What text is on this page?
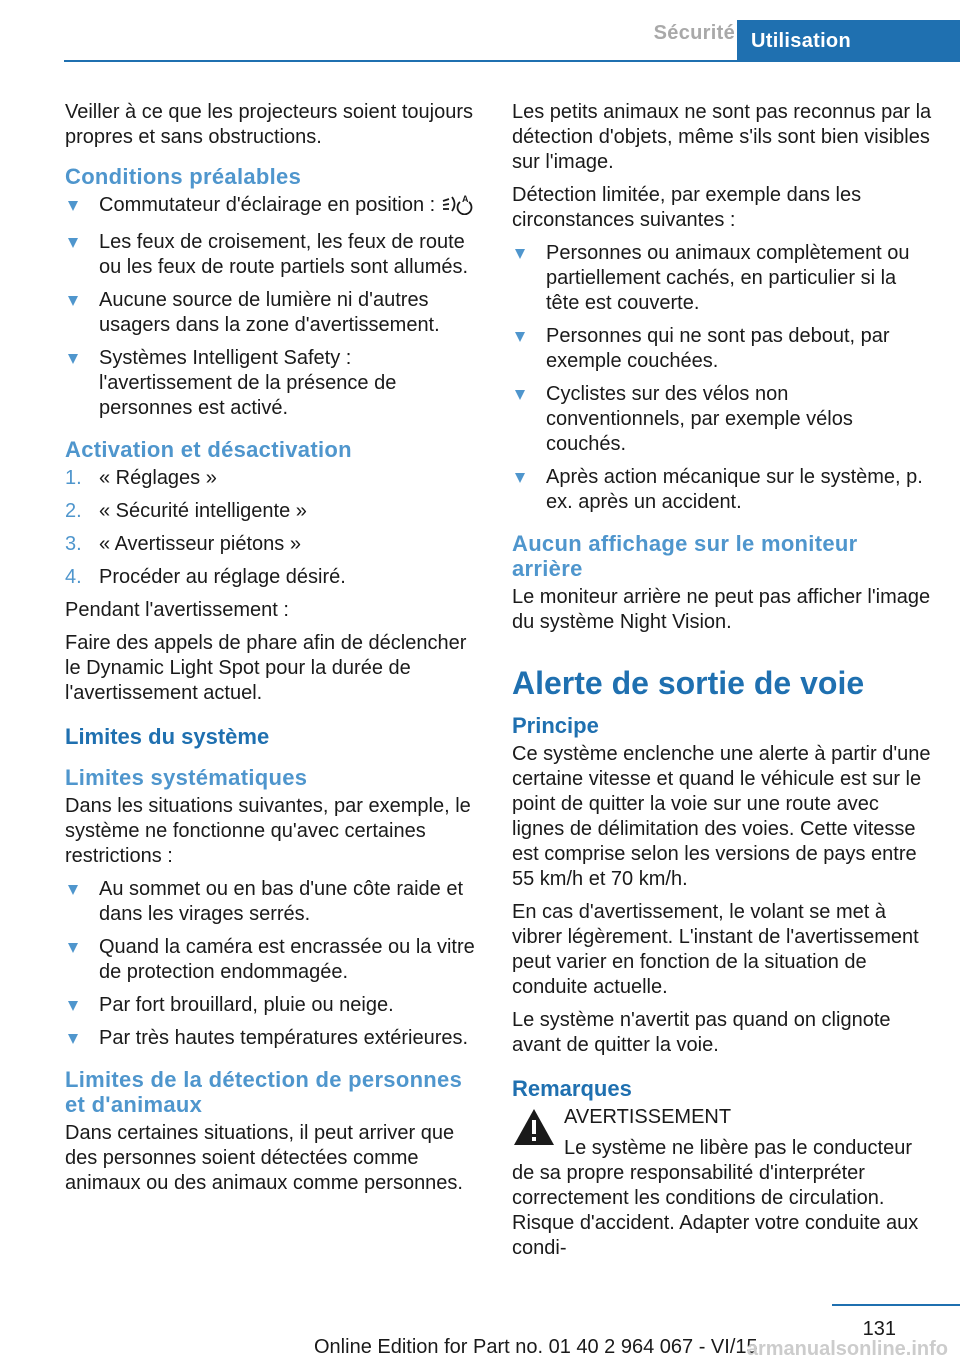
Sécurité Utilisation

Veiller à ce que les projecteurs soient toujours propres et sans obstructions.

Conditions préalables
Commutateur d'éclairage en position :	A
Les feux de croisement, les feux de route ou les feux de route partiels sont allumés.
Aucune source de lumière ni d'autres usagers dans la zone d'avertissement.
Systèmes Intelligent Safety : l'avertissement de la présence de personnes est activé.
Activation et désactivation
1. « Réglages »
2. « Sécurité intelligente »
3. « Avertisseur piétons »
4. Procéder au réglage désiré.

Pendant l'avertissement :

Faire des appels de phare afin de déclencher le Dynamic Light Spot pour la durée de l'avertissement actuel.

Limites du système
Limites systématiques

Dans les situations suivantes, par exemple, le système ne fonctionne qu'avec certaines restrictions :

Au sommet ou en bas d'une côte raide et dans les virages serrés.
Quand la caméra est encrassée ou la vitre de protection endommagée.
Par fort brouillard, pluie ou neige.
Par très hautes températures extérieures.
Limites de la détection de personnes et d'animaux

Dans certaines situations, il peut arriver que des personnes soient détectées comme animaux ou des animaux comme personnes.

Les petits animaux ne sont pas reconnus par la détection d'objets, même s'ils sont bien visibles sur l'image.

Détection limitée, par exemple dans les circonstances suivantes :

Personnes ou animaux complètement ou partiellement cachés, en particulier si la tête est couverte.
Personnes qui ne sont pas debout, par exemple couchées.
Cyclistes sur des vélos non conventionnels, par exemple vélos couchés.
Après action mécanique sur le système, p. ex. après un accident.
Aucun affichage sur le moniteur arrière

Le moniteur arrière ne peut pas afficher l'image du système Night Vision.

Alerte de sortie de voie
Principe

Ce système enclenche une alerte à partir d'une certaine vitesse et quand le véhicule est sur le point de quitter la voie sur une route avec lignes de délimitation des voies. Cette vitesse est comprise selon les versions de pays entre 55 km/h et 70 km/h.

En cas d'avertissement, le volant se met à vibrer légèrement. L'instant de l'avertissement peut varier en fonction de la situation de conduite actuelle.

Le système n'avertit pas quand on clignote avant de quitter la voie.

Remarques
AVERTISSEMENT

Le système ne libère pas le conducteur de sa propre responsabilité d'interpréter correctement les conditions de circulation. Risque d'accident. Adapter votre conduite aux condi-

131
Online Edition for Part no. 01 40 2 964 067 - VI/15
armanualsonline.info
